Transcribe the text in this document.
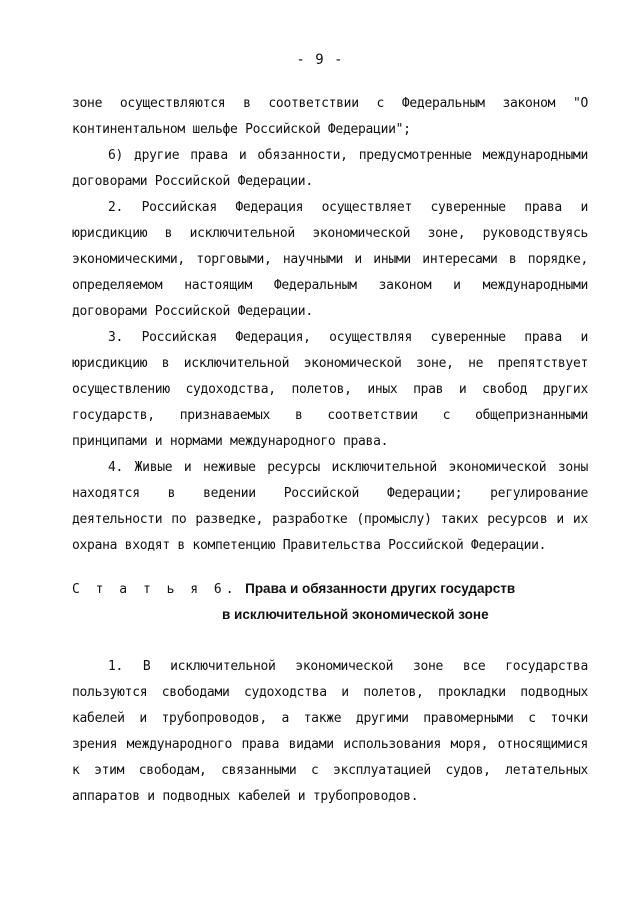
- 9 -
зоне осуществляются в соответствии с Федеральным законом "О
континентальном шельфе Российской Федерации";
6) другие права и обязанности, предусмотренные международными
договорами Российской Федерации.
2. Российская Федерация осуществляет суверенные права и
юрисдикцию в исключительной экономической зоне, руководствуясь
экономическими, торговыми, научными и иными интересами в порядке,
определяемом настоящим Федеральным законом и международными
договорами Российской Федерации.
3. Российская Федерация, осуществляя суверенные права и
юрисдикцию в исключительной экономической зоне, не препятствует
осуществлению судоходства, полетов, иных прав и свобод других
государств, признаваемых в соответствии с общепризнанными
принципами и нормами международного права.
4. Живые и неживые ресурсы исключительной экономической зоны
находятся в ведении Российской Федерации; регулирование
деятельности по разведке, разработке (промыслу) таких ресурсов и их
охрана входят в компетенцию Правительства Российской Федерации.
С т а т ь я 6. Права и обязанности других государств
в исключительной экономической зоне
1. В исключительной экономической зоне все государства
пользуются свободами судоходства и полетов, прокладки подводных
кабелей и трубопроводов, а также другими правомерными с точки
зрения международного права видами использования моря, относящимися
к этим свободам, связанными с эксплуатацией судов, летательных
аппаратов и подводных кабелей и трубопроводов.
